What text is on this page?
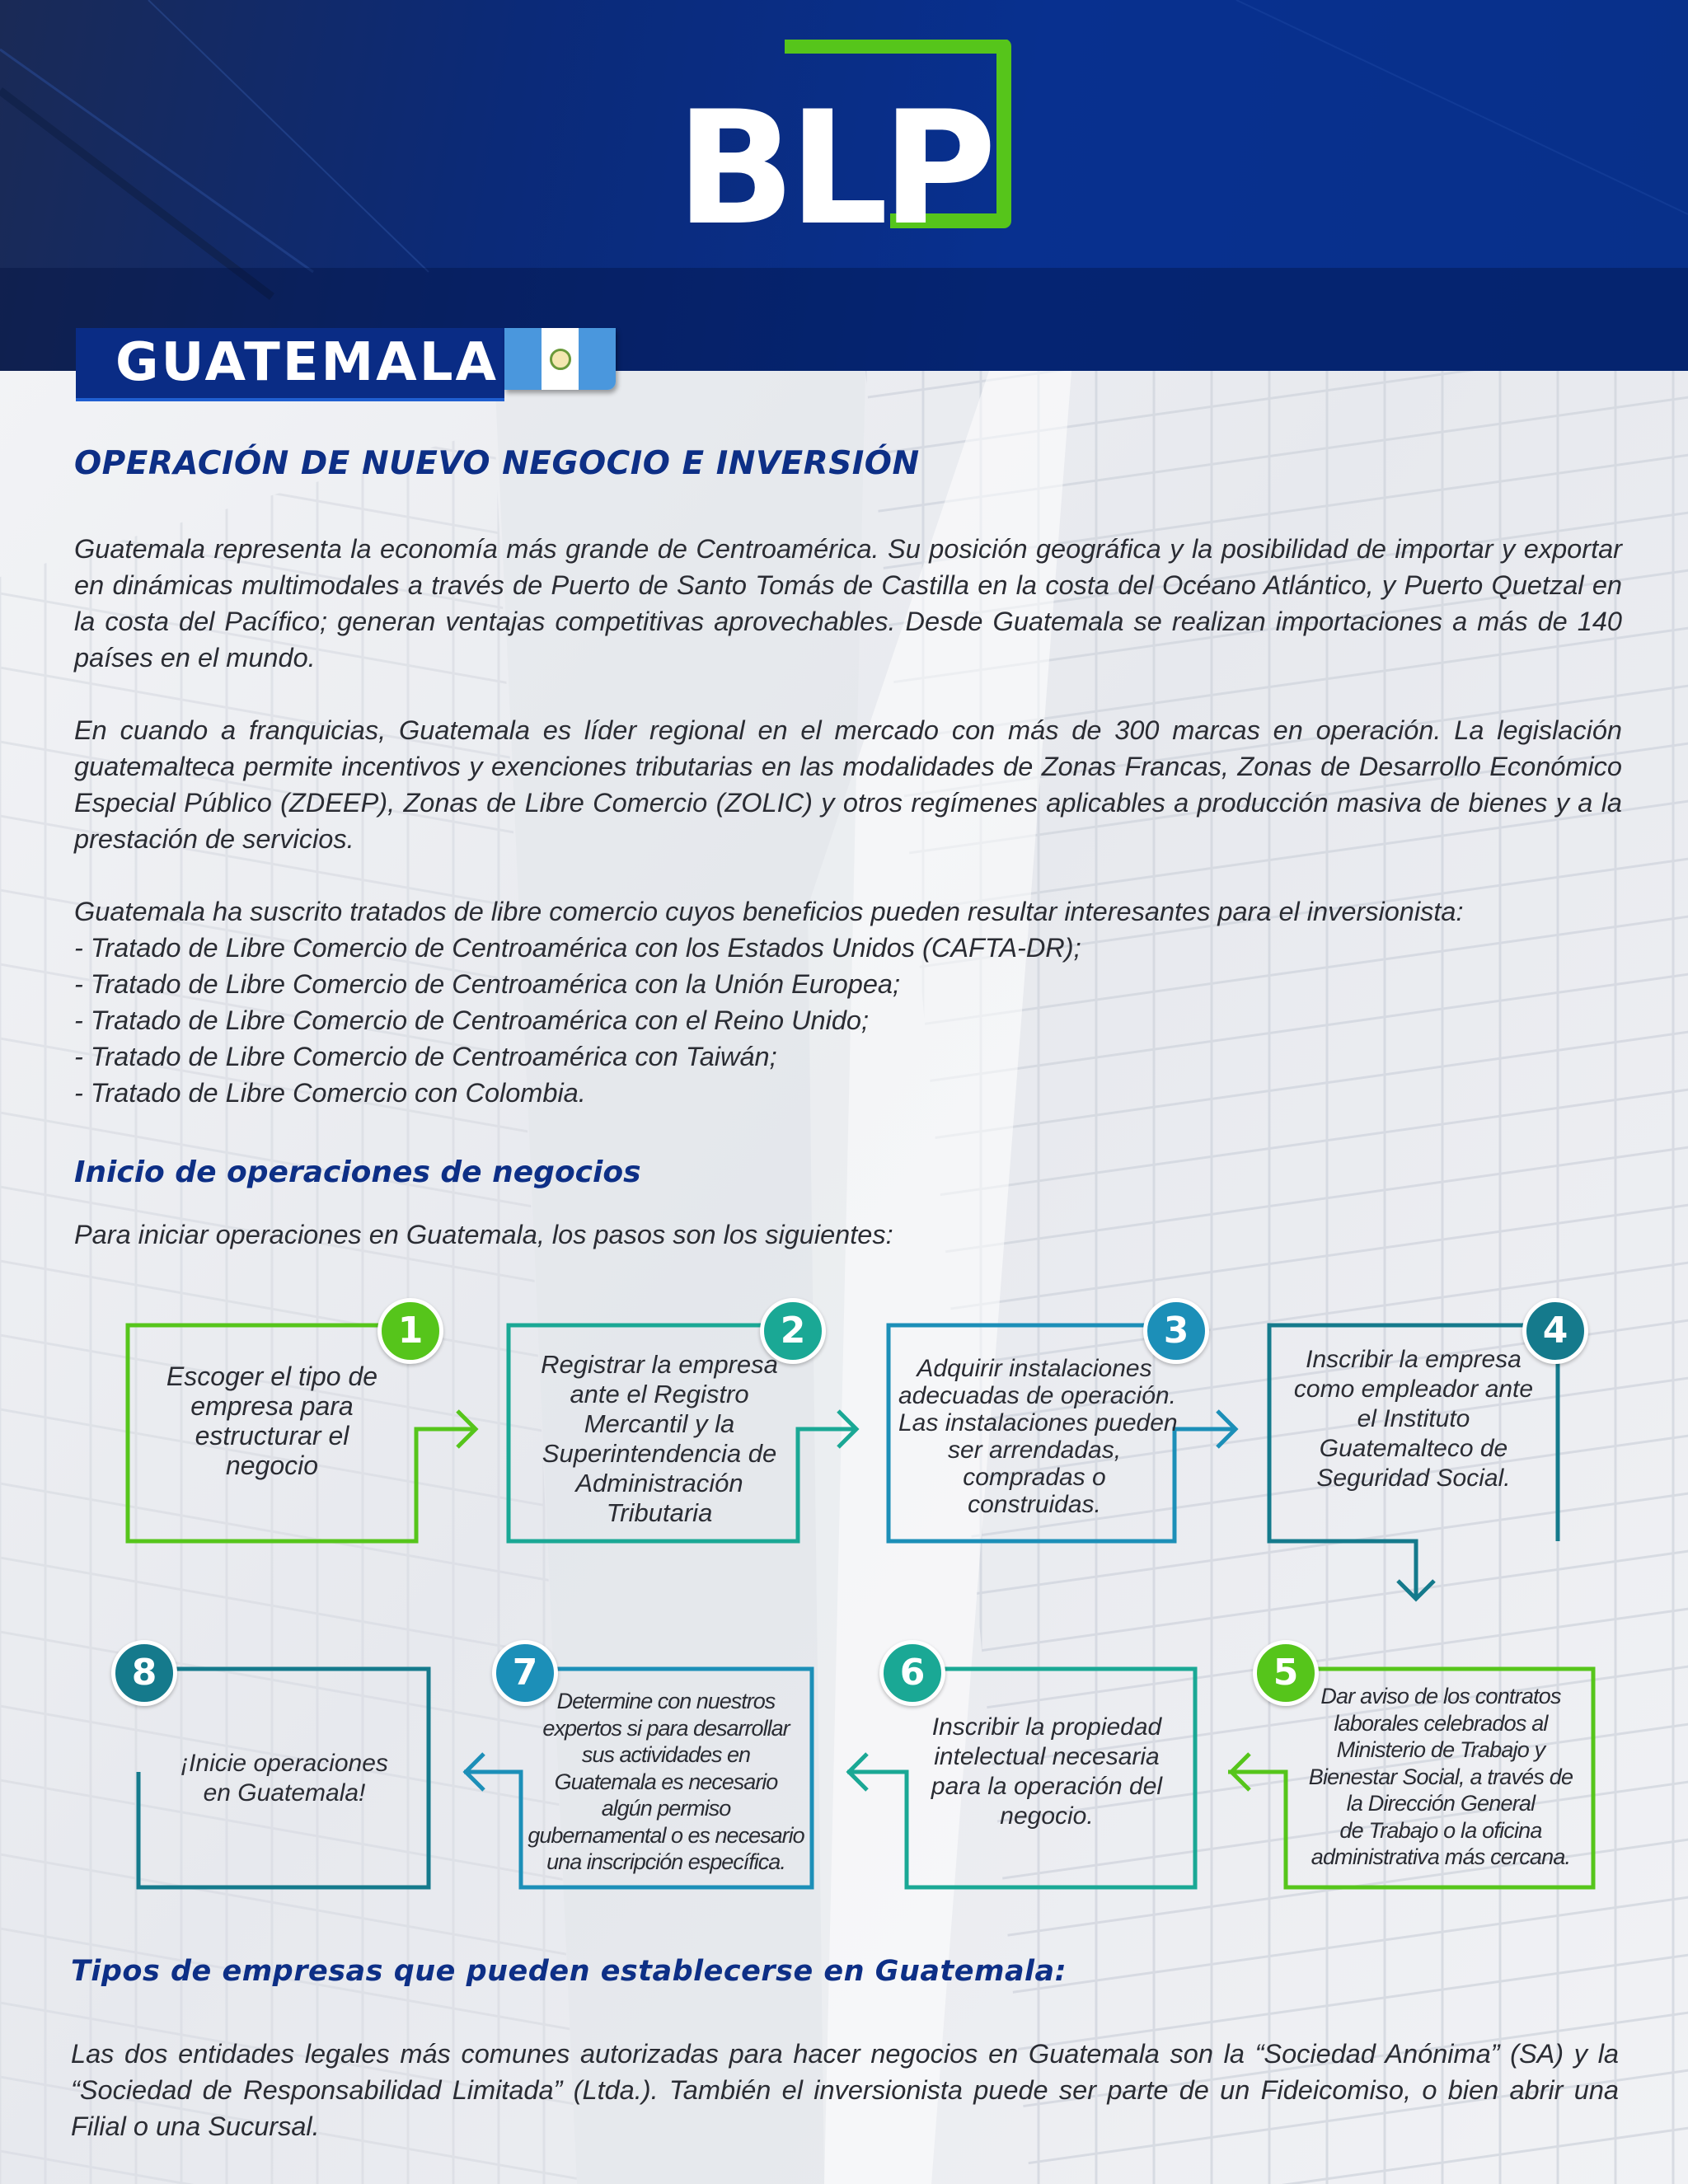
BLP
GUATEMALA
OPERACIÓN DE NUEVO NEGOCIO E INVERSIÓN

Guatemala representa la economía más grande de Centroamérica. Su posición geográfica y la posibilidad de importar y exportar en dinámicas multimodales a través de Puerto de Santo Tomás de Castilla en la costa del Océano Atlántico, y Puerto Quetzal en la costa del Pacífico; generan ventajas competitivas aprovechables. Desde Guatemala se realizan importaciones a más de 140 países en el mundo.

En cuando a franquicias, Guatemala es líder regional en el mercado con más de 300 marcas en operación. La legislación guatemalteca permite incentivos y exenciones tributarias en las modalidades de Zonas Francas, Zonas de Desarrollo Económico Especial Público (ZDEEP), Zonas de Libre Comercio (ZOLIC) y otros regímenes aplicables a producción masiva de bienes y a la prestación de servicios.

Guatemala ha suscrito tratados de libre comercio cuyos beneficios pueden resultar interesantes para el inversionista:
- Tratado de Libre Comercio de Centroamérica con los Estados Unidos (CAFTA-DR);
- Tratado de Libre Comercio de Centroamérica con la Unión Europea;
- Tratado de Libre Comercio de Centroamérica con el Reino Unido;
- Tratado de Libre Comercio de Centroamérica con Taiwán;
- Tratado de Libre Comercio con Colombia.
Inicio de operaciones de negocios

Para iniciar operaciones en Guatemala, los pasos son los siguientes:

1	2	3	4
5
6
7
8
Escoger el tipo de
empresa para
estructurar el
negocio
Registrar la empresa
ante el Registro
Mercantil y la
Superintendencia de
Administración
Tributaria
Adquirir instalaciones
adecuadas de operación.
Las instalaciones pueden
ser arrendadas,
compradas o
construidas.
Inscribir la empresa
como empleador ante
el Instituto
Guatemalteco de
Seguridad Social.
Dar aviso de los contratos
laborales celebrados al
Ministerio de Trabajo y
Bienestar Social, a través de
la Dirección General
de Trabajo o la oficina
administrativa más cercana.
Inscribir la propiedad
intelectual necesaria
para la operación del
negocio.
Determine con nuestros
expertos si para desarrollar
sus actividades en
Guatemala es necesario
algún permiso
gubernamental o es necesario
una inscripción específica.
¡Inicie operaciones
en Guatemala!
Tipos de empresas que pueden establecerse en Guatemala:

Las dos entidades legales más comunes autorizadas para hacer negocios en Guatemala son la “Sociedad Anónima” (SA) y la “Sociedad de Responsabilidad Limitada” (Ltda.). También el inversionista puede ser parte de un Fideicomiso, o bien abrir una Filial o una Sucursal.
